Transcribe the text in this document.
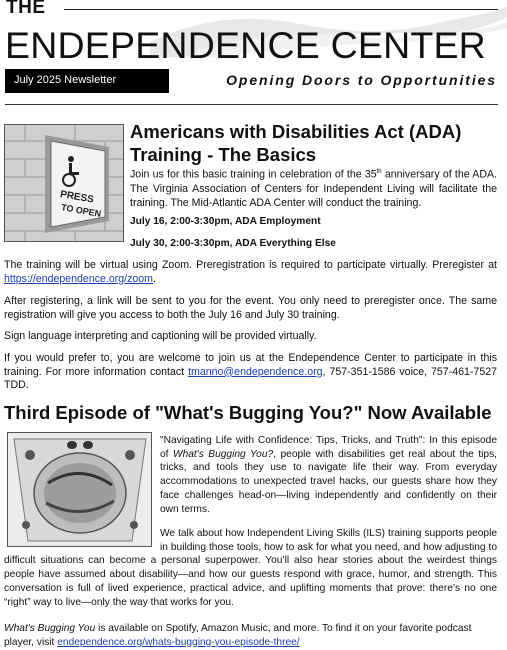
THE
ENDEPENDENCE CENTER
July 2025 Newsletter	Opening Doors to Opportunities
PRESS
TO OPEN
Americans with Disabilities Act (ADA) Training - The Basics

Join us for this basic training in celebration of the 35th anniversary of the ADA. The Virginia Association of Centers for Independent Living will facilitate the training. The Mid-Atlantic ADA Center will conduct the training.

July 16, 2:00-3:30pm, ADA Employment
July 30, 2:00-3:30pm, ADA Everything Else

The training will be virtual using Zoom. Preregistration is required to participate virtually. Preregister at https://endependence.org/zoom.

After registering, a link will be sent to you for the event. You only need to preregister once. The same registration will give you access to both the July 16 and July 30 training.

Sign language interpreting and captioning will be provided virtually.

If you would prefer to, you are welcome to join us at the Endependence Center to participate in this training. For more information contact tmanno@endependence.org, 757-351-1586 voice, 757-461-7527 TDD.

Third Episode of "What's Bugging You?" Now Available

"Navigating Life with Confidence: Tips, Tricks, and Truth": In this episode of What's Bugging You?, people with disabilities get real about the tips, tricks, and tools they use to navigate life their way. From everyday accommodations to unexpected travel hacks, our guests share how they face challenges head-on—living independently and confidently on their own terms.

We talk about how Independent Living Skills (ILS) training supports people in building those tools, how to ask for what you need, and how adjusting to difficult situations can become a personal superpower. You’ll also hear stories about the weirdest things people have assumed about disability—and how our guests respond with grace, humor, and strength. This conversation is full of lived experience, practical advice, and uplifting moments that prove: there’s no one “right” way to live—only the way that works for you.

What's Bugging You is available on Spotify, Amazon Music, and more. To find it on your favorite podcast player, visit endependence.org/whats-bugging-you-episode-three/
